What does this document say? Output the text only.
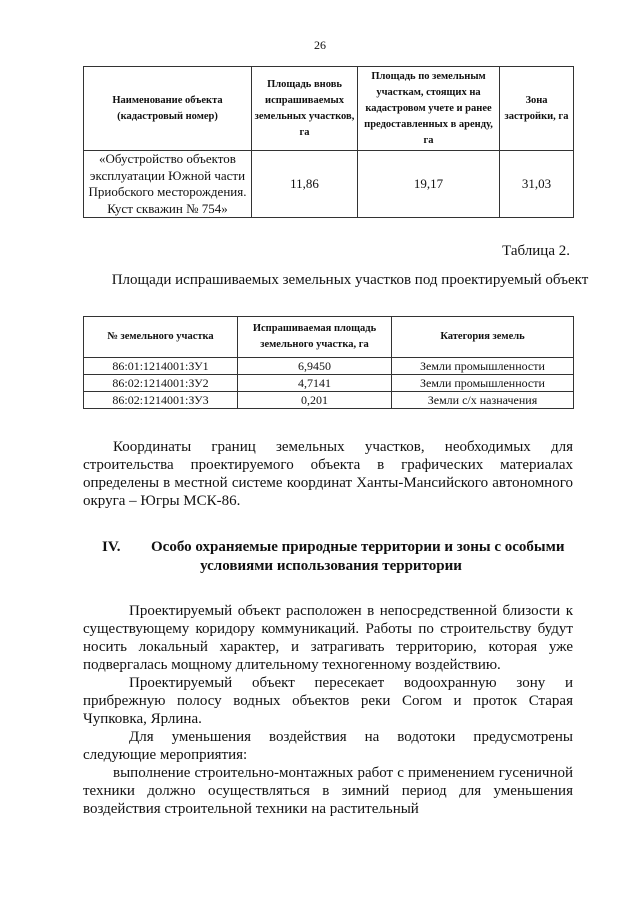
26
Наименование объекта (кадастровый номер)	Площадь вновь испрашиваемых земельных участков, га	Площадь по земельным участкам, стоящих на кадастровом учете и ранее предоставленных в аренду, га	Зона застройки, га
«Обустройство объектов эксплуатации Южной части Приобского месторождения. Куст скважин № 754»	11,86	19,17	31,03
Таблица 2.
Площади испрашиваемых земельных участков под проектируемый объект
№ земельного участка	Испрашиваемая площадь земельного участка, га	Категория земель
86:01:1214001:ЗУ1	6,9450	Земли промышленности
86:02:1214001:ЗУ2	4,7141	Земли промышленности
86:02:1214001:ЗУ3	0,201	Земли с/х назначения

Координаты границ земельных участков, необходимых для строительства проектируемого объекта в графических материалах определены в местной системе координат Ханты-Мансийского автономного округа – Югры МСК-86.

IV. Особо охраняемые природные территории и зоны с особыми
условиями использования территории

Проектируемый объект расположен в непосредственной близости к существующему коридору коммуникаций. Работы по строительству будут носить локальный характер, и затрагивать территорию, которая уже подвергалась мощному длительному техногенному воздействию.

Проектируемый объект пересекает водоохранную зону и прибрежную полосу водных объектов реки Согом и проток Старая Чупковка, Ярлина.

Для уменьшения воздействия на водотоки предусмотрены следующие мероприятия:

выполнение строительно-монтажных работ с применением гусеничной техники должно осуществляться в зимний период для уменьшения воздействия строительной техники на растительный
